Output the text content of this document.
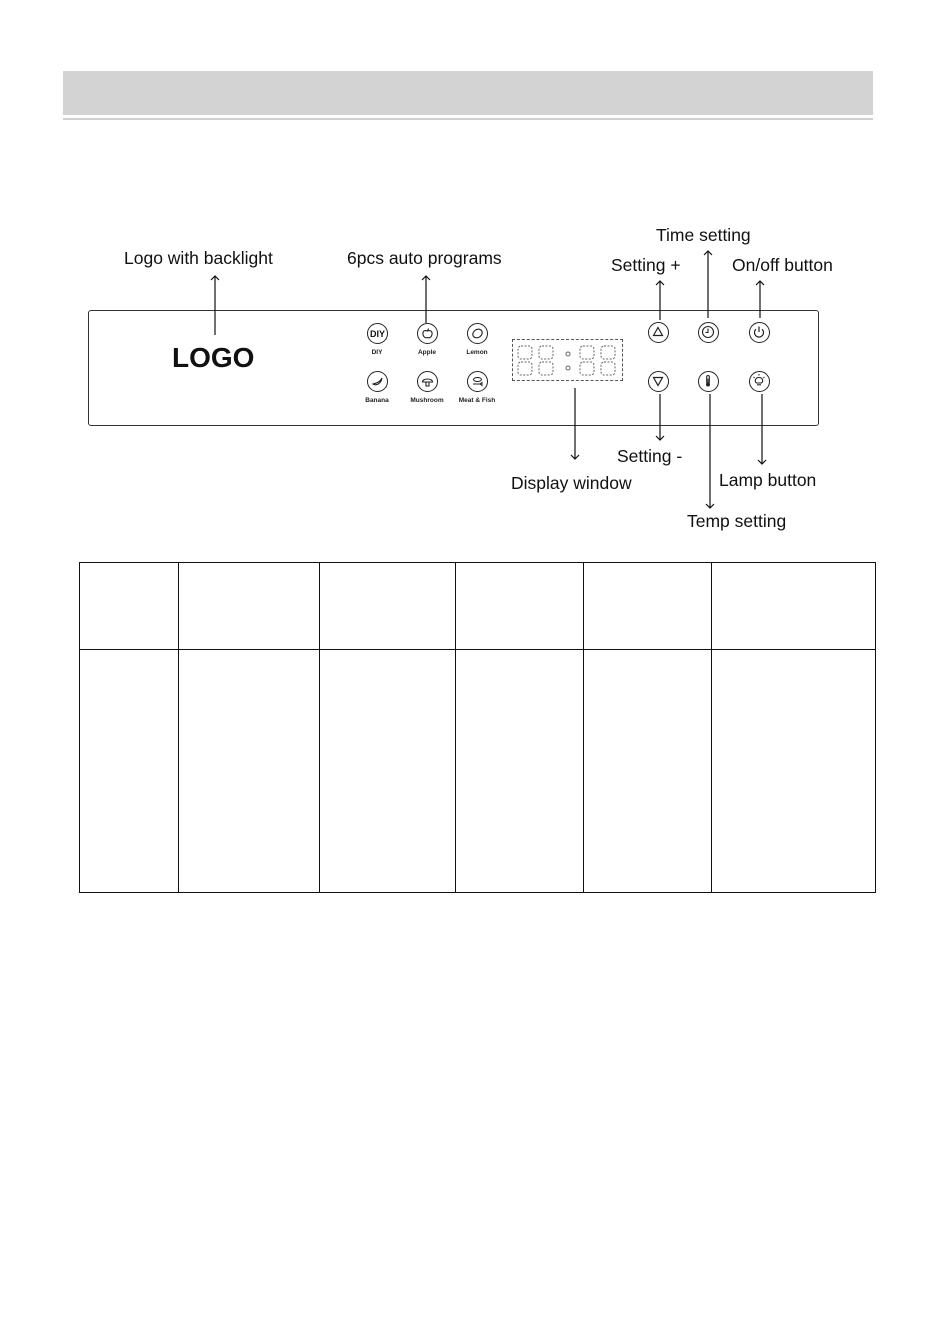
Logo with backlight	6pcs auto programs
Time setting
Setting +	On/off button
Setting -
Display window	Lamp button
Temp setting
LOGO
DIY
DIY	Apple	Lemon
Banana	Mushroom	Meat & Fish
